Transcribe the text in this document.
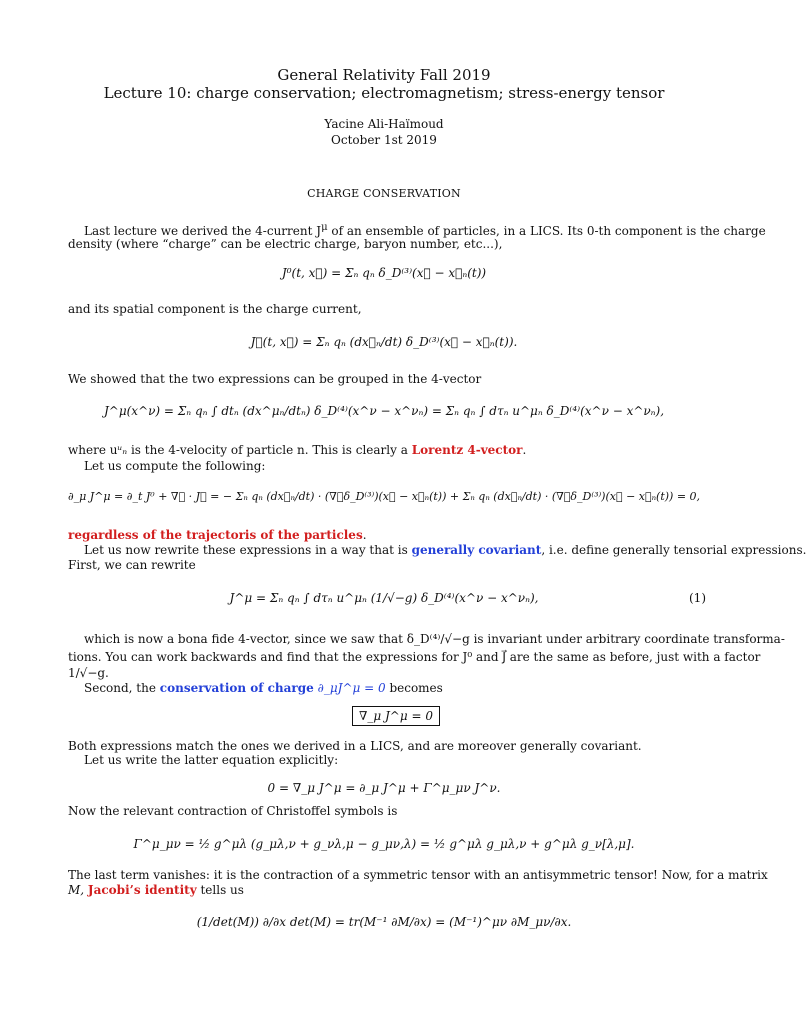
General Relativity Fall 2019
Lecture 10: charge conservation; electromagnetism; stress-energy tensor
Yacine Ali-Haïmoud
October 1st 2019
CHARGE CONSERVATION
Last lecture we derived the 4-current $J^\mu$ of an ensemble of particles, in a LICS. Its 0-th component is the charge
density (where “charge” can be electric charge, baryon number, etc...),
J⁰(t, x⃗) = Σₙ qₙ δ_D⁽³⁾(x⃗ − x⃗ₙ(t))
and its spatial component is the charge current,
J⃗(t, x⃗) = Σₙ qₙ (dx⃗ₙ/dt) δ_D⁽³⁾(x⃗ − x⃗ₙ(t)).
We showed that the two expressions can be grouped in the 4-vector
J^μ(x^ν) = Σₙ qₙ ∫ dtₙ (dx^μₙ/dtₙ) δ_D⁽⁴⁾(x^ν − x^νₙ) = Σₙ qₙ ∫ dτₙ u^μₙ δ_D⁽⁴⁾(x^ν − x^νₙ),
where uᵘₙ is the 4-velocity of particle n. This is clearly a Lorentz 4-vector.
Let us compute the following:
∂_μ J^μ = ∂_t J⁰ + ∇⃗ · J⃗ = − Σₙ qₙ (dx⃗ₙ/dt) · (∇⃗δ_D⁽³⁾)(x⃗ − x⃗ₙ(t)) + Σₙ qₙ (dx⃗ₙ/dt) · (∇⃗δ_D⁽³⁾)(x⃗ − x⃗ₙ(t)) = 0,
regardless of the trajectoris of the particles.
Let us now rewrite these expressions in a way that is generally covariant, i.e. define generally tensorial expressions.
First, we can rewrite
J^μ = Σₙ qₙ ∫ dτₙ u^μₙ (1/√−g) δ_D⁽⁴⁾(x^ν − x^νₙ),	(1)
which is now a bona fide 4-vector, since we saw that δ_D⁽⁴⁾/√−g is invariant under arbitrary coordinate transforma-
tions. You can work backwards and find that the expressions for J⁰ and J⃗ are the same as before, just with a factor
1/√−g.
Second, the conservation of charge ∂_μJ^μ = 0 becomes
∇_μ J^μ = 0
Both expressions match the ones we derived in a LICS, and are moreover generally covariant.
Let us write the latter equation explicitly:
0 = ∇_μ J^μ = ∂_μ J^μ + Γ^μ_μν J^ν.
Now the relevant contraction of Christoffel symbols is
Γ^μ_μν = ½ g^μλ (g_μλ,ν + g_νλ,μ − g_μν,λ) = ½ g^μλ g_μλ,ν + g^μλ g_ν[λ,μ].
The last term vanishes: it is the contraction of a symmetric tensor with an antisymmetric tensor! Now, for a matrix
M, Jacobi’s identity tells us
(1/det(M)) ∂/∂x det(M) = tr(M⁻¹ ∂M/∂x) = (M⁻¹)^μν ∂M_μν/∂x.
